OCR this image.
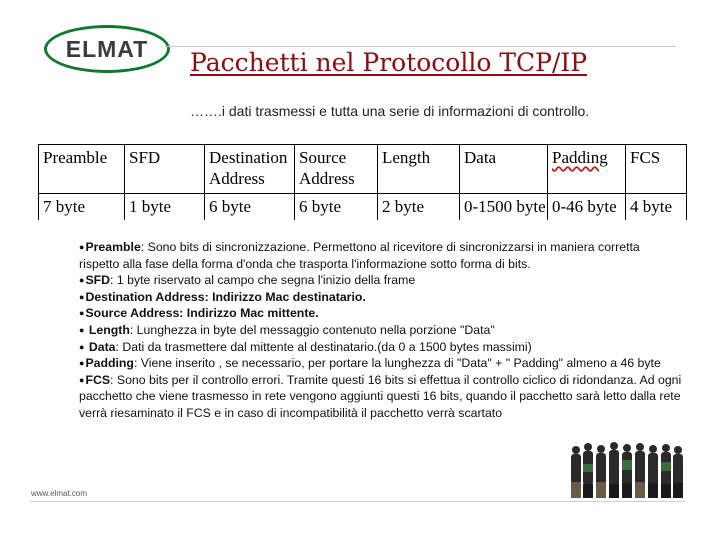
ELMAT	Pacchetti nel Protocollo TCP/IP
…….i dati trasmessi e tutta una serie di informazioni di controllo.
Preamble	SFD	Destination Address	Source Address	Length	Data	Padding	FCS
7 byte	1 byte	6 byte	6 byte	2 byte	0-1500 byte	0-46 byte	4 byte

●Preamble: Sono bits di sincronizzazione. Permettono al ricevitore di sincronizzarsi in maniera corretta rispetto alla fase della forma d'onda che trasporta l'informazione sotto forma di bits.

●SFD: 1 byte riservato al campo che segna l'inizio della frame

●Destination Address: Indirizzo Mac destinatario.

●Source Address: Indirizzo Mac mittente.

● Length: Lunghezza in byte del messaggio contenuto nella porzione "Data"

● Data: Dati da trasmettere dal mittente al destinatario.(da 0 a 1500 bytes massimi)

●Padding: Viene inserito , se necessario, per portare la lunghezza di "Data" + " Padding" almeno a 46 byte

●FCS: Sono bits per il controllo errori. Tramite questi 16 bits si effettua il controllo ciclico di ridondanza. Ad ogni pacchetto che viene trasmesso in rete vengono aggiunti questi 16 bits, quando il pacchetto sarà letto dalla rete verrà riesaminato il FCS e in caso di incompatibilità il pacchetto verrà scartato

www.elmat.com
